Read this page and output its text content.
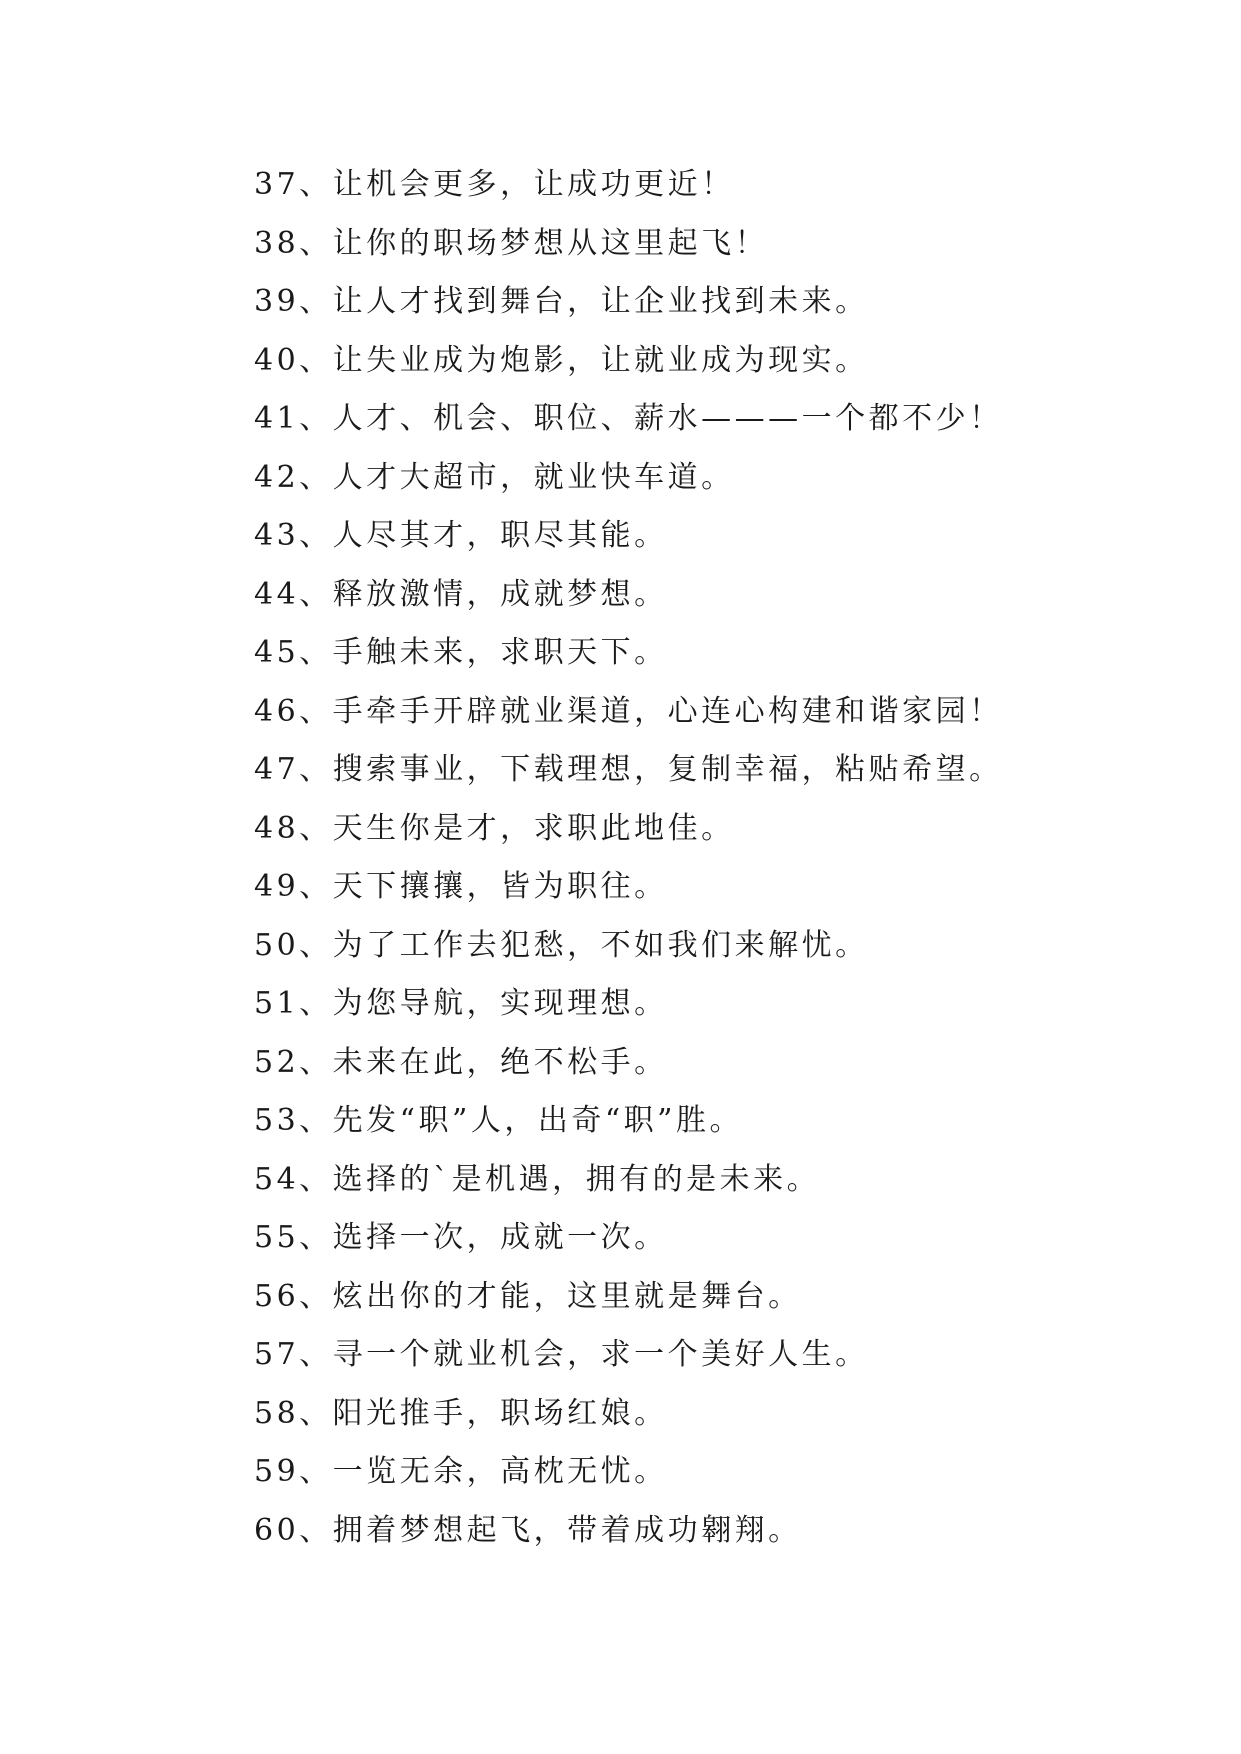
37、让机会更多，让成功更近！
38、让你的职场梦想从这里起飞！
39、让人才找到舞台，让企业找到未来。
40、让失业成为炮影，让就业成为现实。
41、人才、机会、职位、薪水———一个都不少！
42、人才大超市，就业快车道。
43、人尽其才，职尽其能。
44、释放激情，成就梦想。
45、手触未来，求职天下。
46、手牵手开辟就业渠道，心连心构建和谐家园！
47、搜索事业，下载理想，复制幸福，粘贴希望。
48、天生你是才，求职此地佳。
49、天下攘攘，皆为职往。
50、为了工作去犯愁，不如我们来解忧。
51、为您导航，实现理想。
52、未来在此，绝不松手。
53、先发“职”人，出奇“职”胜。
54、选择的`是机遇，拥有的是未来。
55、选择一次，成就一次。
56、炫出你的才能，这里就是舞台。
57、寻一个就业机会，求一个美好人生。
58、阳光推手，职场红娘。
59、一览无余，高枕无忧。
60、拥着梦想起飞，带着成功翱翔。
